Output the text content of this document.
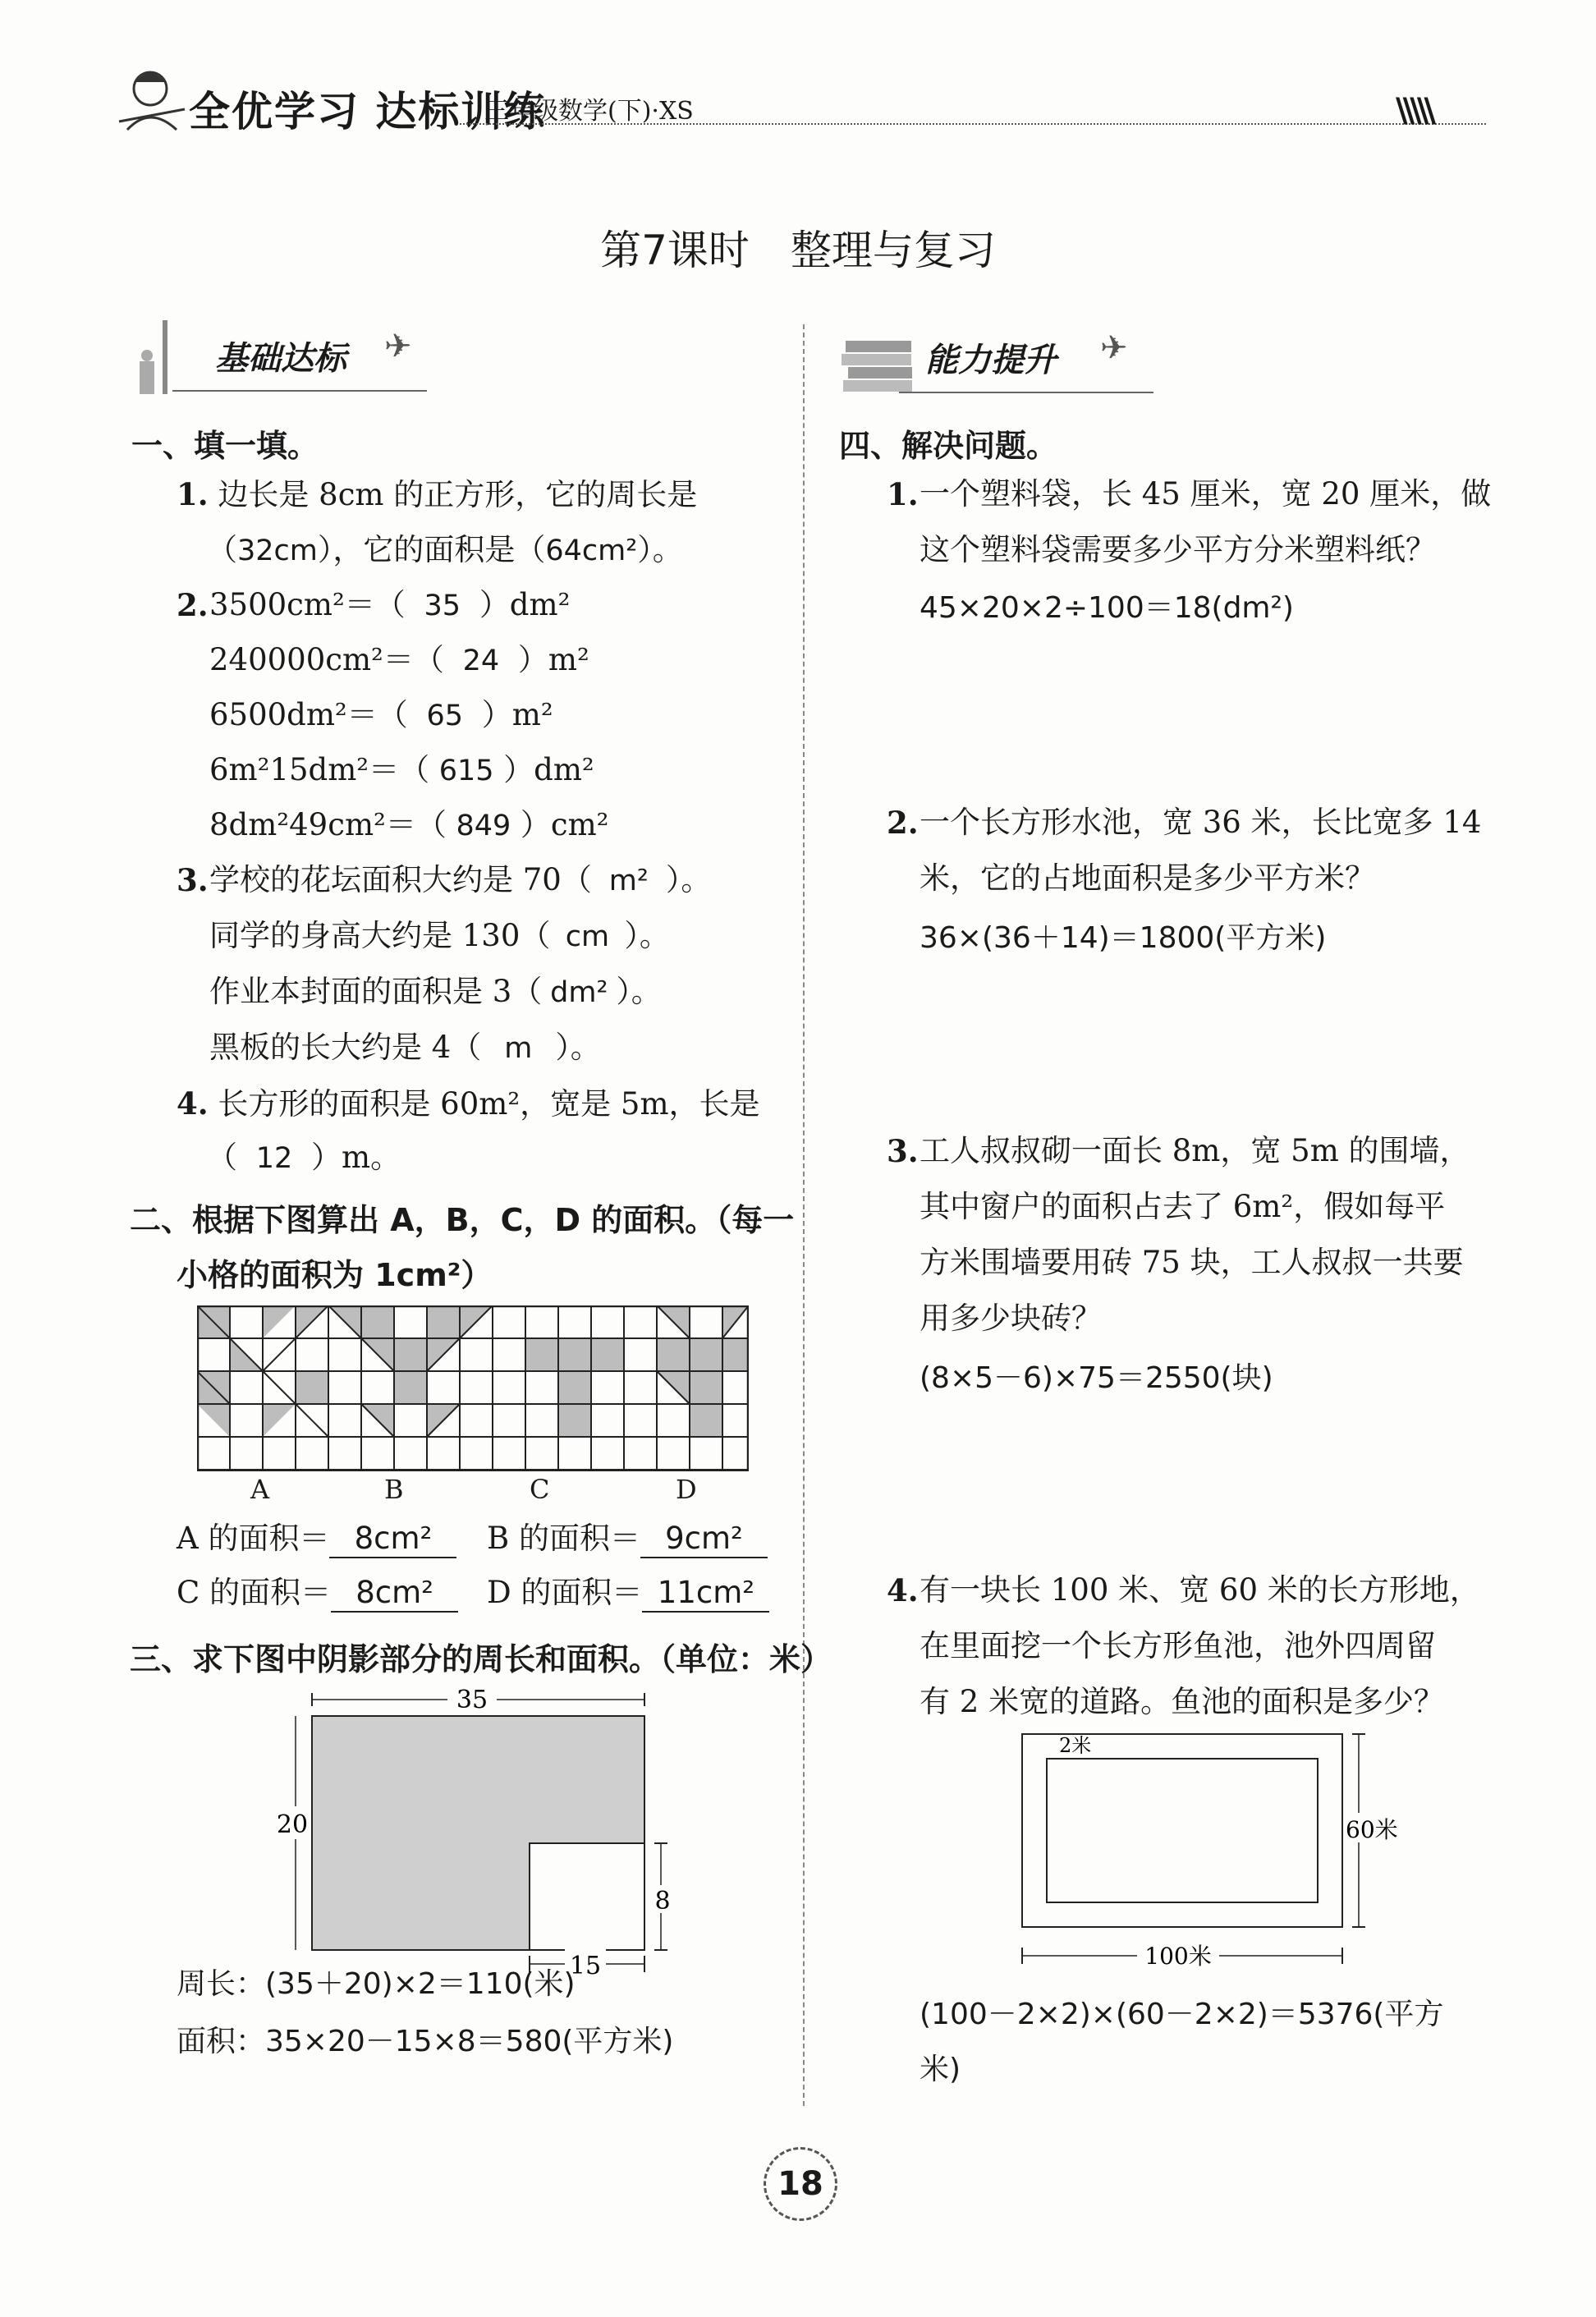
全优学习 达标训练
三年级数学(下)·XS	\\\\\
第7课时　整理与复习
基础达标 ✈	能力提升 ✈
一、填一填。
1. 边长是 8cm 的正方形，它的周长是
（32cm），它的面积是（64cm²）。
2. 3500cm²＝（ 35 ）dm²
240000cm²＝（ 24 ）m²
6500dm²＝（ 65 ）m²
6m²15dm²＝（ 615 ）dm²
8dm²49cm²＝（ 849 ）cm²
3. 学校的花坛面积大约是 70（ m² ）。
同学的身高大约是 130（ cm ）。
作业本封面的面积是 3（ dm² ）。
黑板的长大约是 4（ m ）。
4. 长方形的面积是 60m²，宽是 5m，长是
（ 12 ）m。
二、根据下图算出 A，B，C，D 的面积。（每一
小格的面积为 1cm²）
A	B	C	D
A 的面积＝ 8cm²	B 的面积＝ 9cm²
C 的面积＝ 8cm²	D 的面积＝ 11cm²
三、求下图中阴影部分的周长和面积。（单位：米）
35
20
8
15
周长：(35＋20)×2＝110(米)
面积：35×20－15×8＝580(平方米)
四、解决问题。
1. 一个塑料袋，长 45 厘米，宽 20 厘米，做
这个塑料袋需要多少平方分米塑料纸？
45×20×2÷100＝18(dm²)
2. 一个长方形水池，宽 36 米，长比宽多 14
米，它的占地面积是多少平方米？
36×(36＋14)＝1800(平方米)
3. 工人叔叔砌一面长 8m，宽 5m 的围墙，
其中窗户的面积占去了 6m²，假如每平
方米围墙要用砖 75 块，工人叔叔一共要
用多少块砖？
(8×5－6)×75＝2550(块)
4. 有一块长 100 米、宽 60 米的长方形地，
在里面挖一个长方形鱼池，池外四周留
有 2 米宽的道路。鱼池的面积是多少？
2米
60米
100米
(100－2×2)×(60－2×2)＝5376(平方
米)
18
